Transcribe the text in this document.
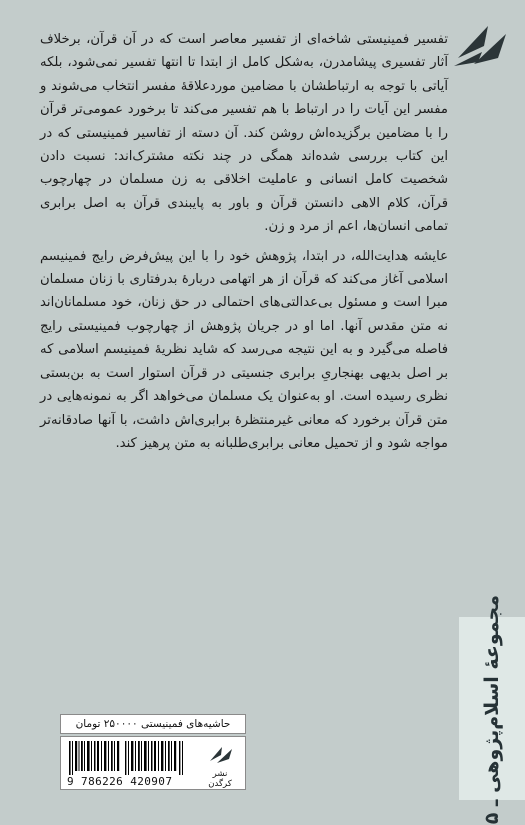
تفسیر فمینیستی شاخه‌ای از تفسیر معاصر است که در آن قرآن، برخلاف آثار تفسیری پیشامدرن، به‌شکل کامل از ابتدا تا انتها تفسیر نمی‌شود، بلکه آیاتی با توجه به ارتباطشان با مضامین موردعلاقهٔ مفسر انتخاب می‌شوند و مفسر این آیات را در ارتباط با هم تفسیر می‌کند تا برخورد عمومی‌تر قرآن را با مضامین برگزیده‌اش روشن کند. آن دسته از تفاسیر فمینیستی که در این کتاب بررسی شده‌اند همگی در چند نکته مشترک‌اند: نسبت دادن شخصیت کامل انسانی و عاملیت اخلاقی به زن مسلمان در چهارچوب قرآن، کلام الاهی دانستن قرآن و باور به پایبندی قرآن به اصل برابری تمامی انسان‌ها، اعم از مرد و زن.

عایشه هدایت‌الله، در ابتدا، پژوهش خود را با این پیش‌فرض رایج فمینیسم اسلامی آغاز می‌کند که قرآن از هر اتهامی دربارهٔ بدرفتاری با زنان مسلمان مبرا است و مسئول بی‌عدالتی‌های احتمالی در حق زنان، خود مسلمانان‌اند نه متن مقدس آنها. اما او در جریان پژوهش از چهارچوب فمینیستی رایج فاصله می‌گیرد و به این نتیجه می‌رسد که شاید نظریهٔ فمینیسم اسلامی که بر اصل بدیهی بهنجاریِ برابری جنسیتی در قرآن استوار است به بن‌بستی نظری رسیده است. او به‌عنوان یک مسلمان می‌خواهد اگر به نمونه‌هایی در متن قرآن برخورد که معانی غیرمنتظرهٔ برابری‌اش داشت، با آنها صادقانه‌تر مواجه شود و از تحمیل معانی برابری‌طلبانه به متن پرهیز کند.

مجموعهٔ اسلام‌پژوهی ـ ۵
حاشیه‌های فمینیستی ۲۵۰۰۰۰ تومان
9 786226 420907
نشر کرگدن
